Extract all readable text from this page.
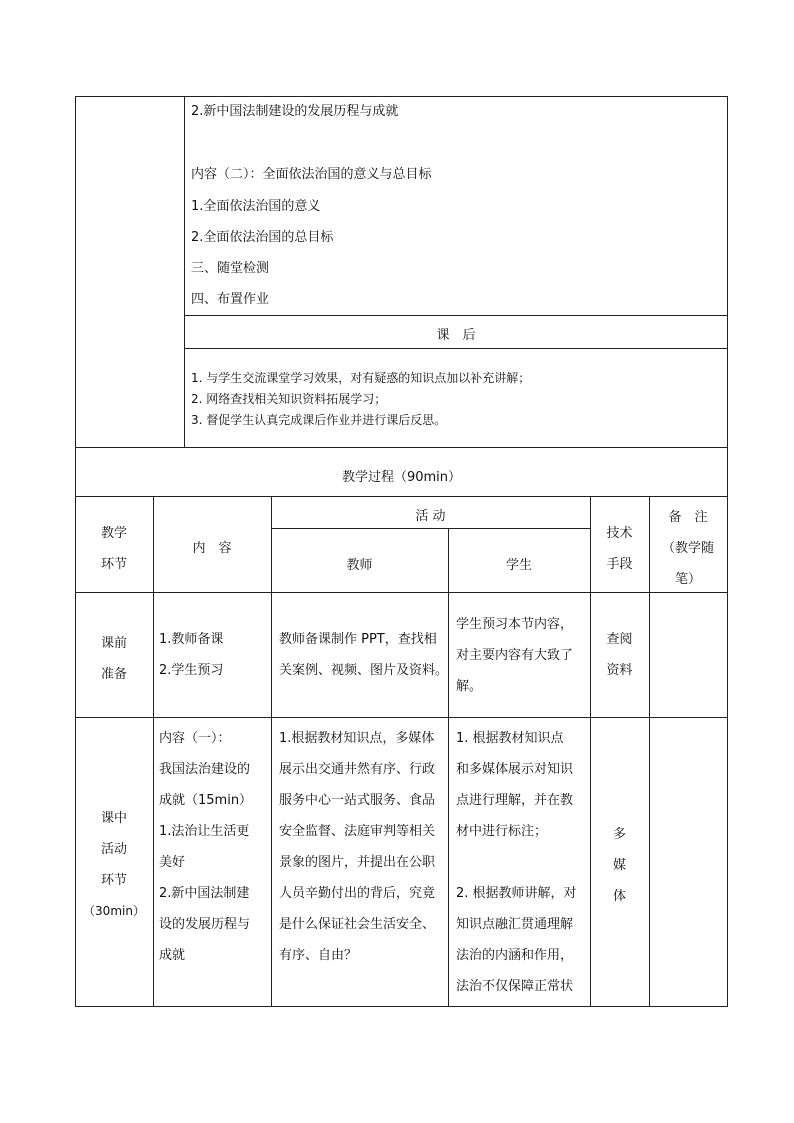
2.新中国法制建设的发展历程与成就
内容（二）：全面依法治国的意义与总目标
1.全面依法治国的意义
2.全面依法治国的总目标
三、随堂检测
四、布置作业
课　后
1. 与学生交流课堂学习效果，对有疑惑的知识点加以补充讲解；
2. 网络查找相关知识资料拓展学习；
3. 督促学生认真完成课后作业并进行课后反思。
教学过程（90min）
教学
环节
内　容
活 动
教师	学生
技术
手段
备　注
（教学随
笔）
课前
准备
1.教师备课
2.学生预习
教师备课制作 PPT，查找相
关案例、视频、图片及资料。
学生预习本节内容，
对主要内容有大致了
解。
查阅
资料
课中
活动
环节
（30min）
内容（一）：
我国法治建设的
成就（15min）
1.法治让生活更
美好
2.新中国法制建
设的发展历程与
成就
1.根据教材知识点，多媒体
展示出交通井然有序、行政
服务中心一站式服务、食品
安全监督、法庭审判等相关
景象的图片，并提出在公职
人员辛勤付出的背后，究竟
是什么保证社会生活安全、
有序、自由？
1. 根据教材知识点
和多媒体展示对知识
点进行理解，并在教
材中进行标注；
2. 根据教师讲解，对
知识点融汇贯通理解
法治的内涵和作用，
法治不仅保障正常状
多
媒
体
